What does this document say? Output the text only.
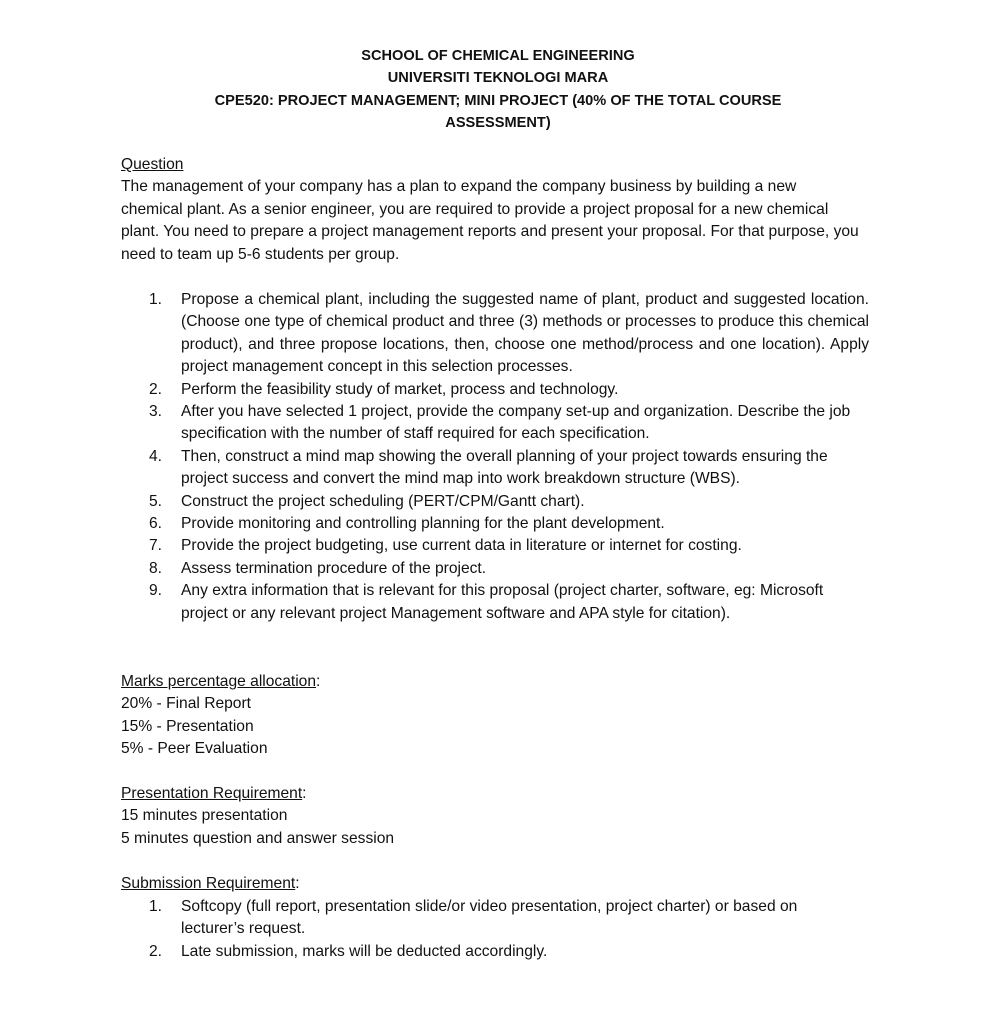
SCHOOL OF CHEMICAL ENGINEERING
UNIVERSITI TEKNOLOGI MARA
CPE520: PROJECT MANAGEMENT; MINI PROJECT (40% OF THE TOTAL COURSE
ASSESSMENT)
Question
The management of your company has a plan to expand the company business by building a new chemical plant. As a senior engineer, you are required to provide a project proposal for a new chemical plant. You need to prepare a project management reports and present your proposal. For that purpose, you need to team up 5-6 students per group.
1.	Propose a chemical plant, including the suggested name of plant, product and suggested location. (Choose one type of chemical product and three (3) methods or processes to produce this chemical product), and three propose locations, then, choose one method/process and one location). Apply project management concept in this selection processes.
2.	Perform the feasibility study of market, process and technology.
3.	After you have selected 1 project, provide the company set-up and organization. Describe the job specification with the number of staff required for each specification.
4.	Then, construct a mind map showing the overall planning of your project towards ensuring the project success and convert the mind map into work breakdown structure (WBS).
5.	Construct the project scheduling (PERT/CPM/Gantt chart).
6.	Provide monitoring and controlling planning for the plant development.
7.	Provide the project budgeting, use current data in literature or internet for costing.
8.	Assess termination procedure of the project.
9.	Any extra information that is relevant for this proposal (project charter, software, eg: Microsoft project or any relevant project Management software and APA style for citation).
Marks percentage allocation:
20% - Final Report
15% - Presentation
5% - Peer Evaluation
Presentation Requirement:
15 minutes presentation
5 minutes question and answer session
Submission Requirement:
1.	Softcopy (full report, presentation slide/or video presentation, project charter) or based on lecturer’s request.
2.	Late submission, marks will be deducted accordingly.
